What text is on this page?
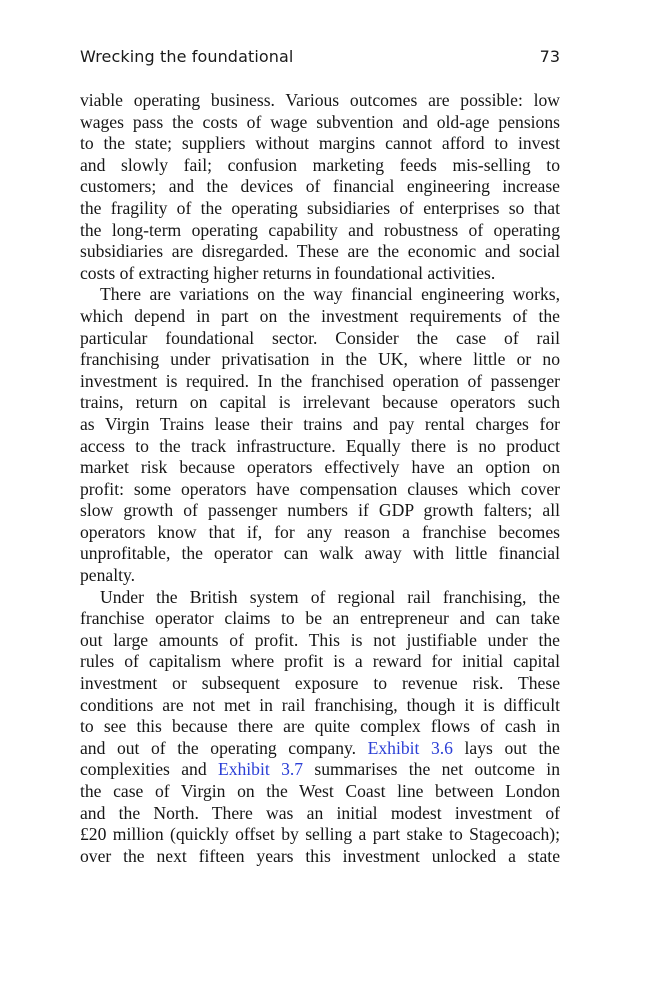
Wrecking the foundational	73

viable operating business. Various outcomes are possible: low
wages pass the costs of wage subvention and old-age pensions
to the state; suppliers without margins cannot afford to invest
and slowly fail; confusion marketing feeds mis-selling to
customers; and the devices of financial engineering increase
the fragility of the operating subsidiaries of enterprises so that
the long-term operating capability and robustness of operating
subsidiaries are disregarded. These are the economic and social
costs of extracting higher returns in foundational activities.

There are variations on the way financial engineering works,
which depend in part on the investment requirements of the
particular foundational sector. Consider the case of rail
franchising under privatisation in the UK, where little or no
investment is required. In the franchised operation of passenger
trains, return on capital is irrelevant because operators such
as Virgin Trains lease their trains and pay rental charges for
access to the track infrastructure. Equally there is no product
market risk because operators effectively have an option on
profit: some operators have compensation clauses which cover
slow growth of passenger numbers if GDP growth falters; all
operators know that if, for any reason a franchise becomes
unprofitable, the operator can walk away with little financial
penalty.

Under the British system of regional rail franchising, the
franchise operator claims to be an entrepreneur and can take
out large amounts of profit. This is not justifiable under the
rules of capitalism where profit is a reward for initial capital
investment or subsequent exposure to revenue risk. These
conditions are not met in rail franchising, though it is difficult
to see this because there are quite complex flows of cash in
and out of the operating company. Exhibit 3.6 lays out the
complexities and Exhibit 3.7 summarises the net outcome in
the case of Virgin on the West Coast line between London
and the North. There was an initial modest investment of
£20 million (quickly offset by selling a part stake to Stagecoach);
over the next fifteen years this investment unlocked a state
